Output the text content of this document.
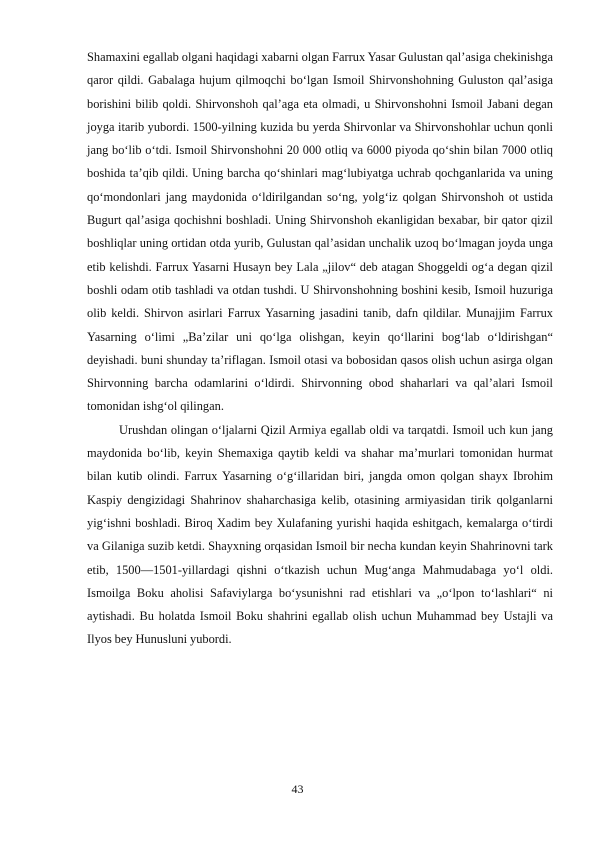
Shamaxini egallab olgani haqidagi xabarni olgan Farrux Yasar Gulustan qalʼasiga chekinishga qaror qildi. Gabalaga hujum qilmoqchi boʻlgan Ismoil Shirvonshohning Guluston qalʼasiga borishini bilib qoldi. Shirvonshoh qalʼaga eta olmadi, u Shirvonshohni Ismoil Jabani degan joyga itarib yubordi. 1500-yilning kuzida bu yerda Shirvonlar va Shirvonshohlar uchun qonli jang boʻlib oʻtdi. Ismoil Shirvonshohni 20 000 otliq va 6000 piyoda qoʻshin bilan 7000 otliq boshida taʼqib qildi. Uning barcha qoʻshinlari magʻlubiyatga uchrab qochganlarida va uning qoʻmondonlari jang maydonida oʻldirilgandan soʻng, yolgʻiz qolgan Shirvonshoh ot ustida Bugurt qalʼasiga qochishni boshladi. Uning Shirvonshoh ekanligidan bexabar, bir qator qizil boshliqlar uning ortidan otda yurib, Gulustan qalʼasidan unchalik uzoq boʻlmagan joyda unga etib kelishdi. Farrux Yasarni Husayn bey Lala „jilov“ deb atagan Shoggeldi ogʻa degan qizil boshli odam otib tashladi va otdan tushdi. U Shirvonshohning boshini kesib, Ismoil huzuriga olib keldi. Shirvon asirlari Farrux Yasarning jasadini tanib, dafn qildilar. Munajjim Farrux Yasarning oʻlimi „Baʼzilar uni qoʻlga olishgan, keyin qoʻllarini bogʻlab oʻldirishgan“ deyishadi. buni shunday taʼriflagan. Ismoil otasi va bobosidan qasos olish uchun asirga olgan Shirvonning barcha odamlarini oʻldirdi. Shirvonning obod shaharlari va qalʼalari Ismoil tomonidan ishgʻol qilingan.

Urushdan olingan oʻljalarni Qizil Armiya egallab oldi va tarqatdi. Ismoil uch kun jang maydonida boʻlib, keyin Shemaxiga qaytib keldi va shahar maʼmurlari tomonidan hurmat bilan kutib olindi. Farrux Yasarning oʻgʻillaridan biri, jangda omon qolgan shayx Ibrohim Kaspiy dengizidagi Shahrinov shaharchasiga kelib, otasining armiyasidan tirik qolganlarni yigʻishni boshladi. Biroq Xadim bey Xulafaning yurishi haqida eshitgach, kemalarga oʻtirdi va Gilaniga suzib ketdi. Shayxning orqasidan Ismoil bir necha kundan keyin Shahrinovni tark etib, 1500—1501-yillardagi qishni oʻtkazish uchun Mugʻanga Mahmudabaga yoʻl oldi. Ismoilga Boku aholisi Safaviylarga boʻysunishni rad etishlari va „oʻlpon toʻlashlari“ ni aytishadi. Bu holatda Ismoil Boku shahrini egallab olish uchun Muhammad bey Ustajli va Ilyos bey Hunusluni yubordi.

43
